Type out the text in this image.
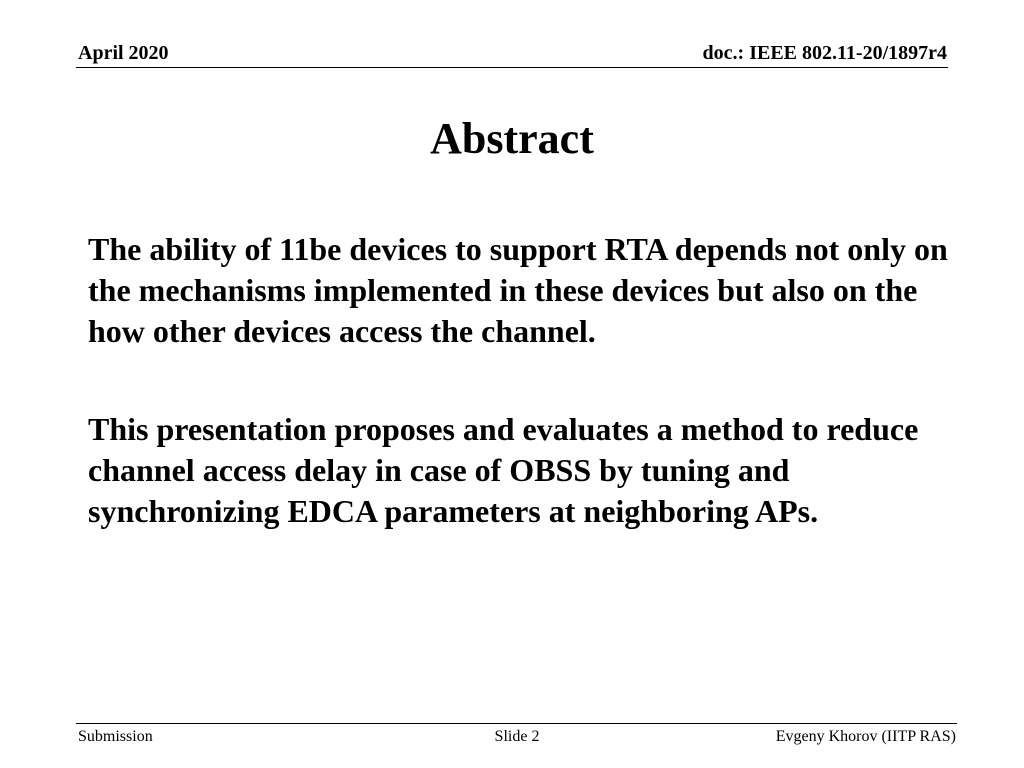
April 2020	doc.: IEEE 802.11-20/1897r4
Abstract

The ability of 11be devices to support RTA depends not only on the mechanisms implemented in these devices but also on the how other devices access the channel.

This presentation proposes and evaluates a method to reduce channel access delay in case of OBSS by tuning and synchronizing EDCA parameters at neighboring APs.

Submission	Slide 2	Evgeny Khorov (IITP RAS)
